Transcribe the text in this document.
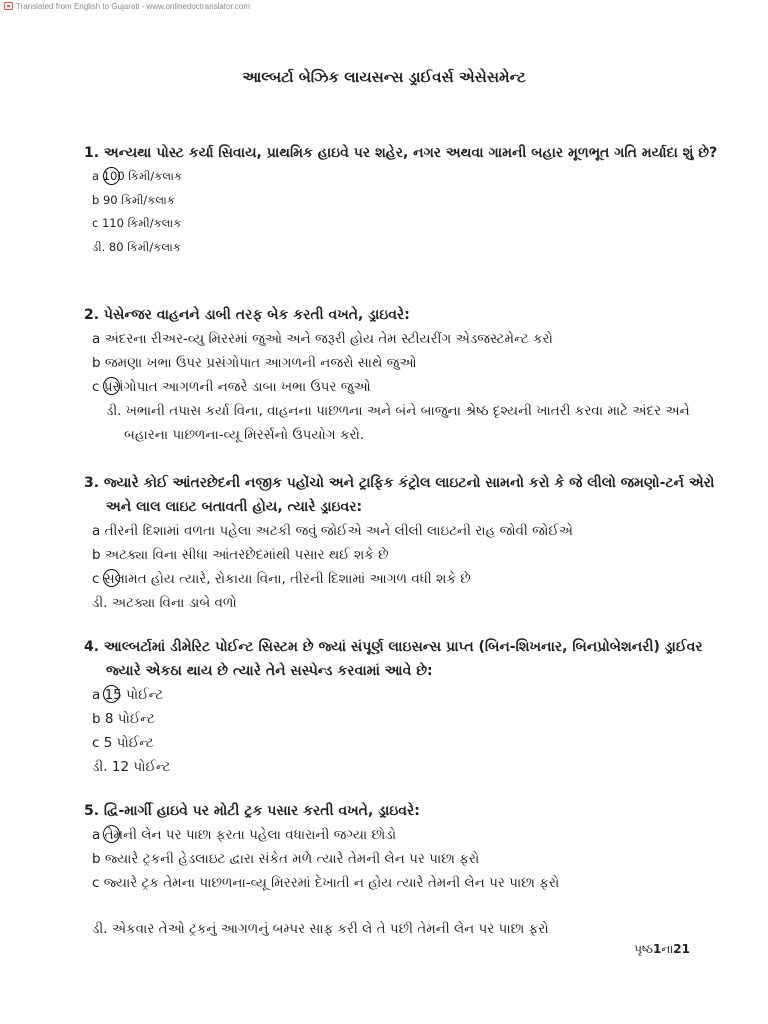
Translated from English to Gujarati - www.onlinedoctranslator.com
આલ્બર્ટા બેઝિક લાયસન્સ ડ્રાઈવર્સ એસેસમેન્ટ

1. અન્યથા પોસ્ટ કર્યા સિવાય, પ્રાથમિક હાઇવે પર શહેર, નગર અથવા ગામની બહાર મૂળભૂત ગતિ મર્યાદા શું છે?

a 100 કિમી/કલાક

b 90 કિમી/કલાક

c 110 કિમી/કલાક

ડી. 80 કિમી/કલાક

2. પેસેન્જર વાહનને ડાબી તરફ બેક કરતી વખતે, ડ્રાઇવરે:

a અંદરના રીઅર-વ્યુ મિરરમાં જુઓ અને જરૂરી હોય તેમ સ્ટીયરીંગ એડજસ્ટમેન્ટ કરો

b જમણા ખભા ઉપર પ્રસંગોપાત આગળની નજરો સાથે જુઓ

c પ્રસંગોપાત આગળની નજરે ડાબા ખભા ઉપર જુઓ

ડી. ખભાની તપાસ કર્યા વિના, વાહનના પાછળના અને બંને બાજુના શ્રેષ્ઠ દૃશ્યની ખાતરી કરવા માટે અંદર અને બહારના પાછળના-વ્યૂ મિરર્સનો ઉપયોગ કરો.

3. જ્યારે કોઈ આંતરછેદની નજીક પહોંચો અને ટ્રાફિક કંટ્રોલ લાઇટનો સામનો કરો કે જે લીલો જમણો-ટર્ન એરો અને લાલ લાઇટ બતાવતી હોય, ત્યારે ડ્રાઇવર:

a તીરની દિશામાં વળતા પહેલા અટકી જવું જોઈએ અને લીલી લાઇટની રાહ જોવી જોઈએ

b અટક્યા વિના સીધા આંતરછેદમાંથી પસાર થઈ શકે છે

c સલામત હોય ત્યારે, રોકાયા વિના, તીરની દિશામાં આગળ વધી શકે છે

ડી. અટક્યા વિના ડાબે વળો

4. આલ્બર્ટામાં ડીમેરિટ પોઈન્ટ સિસ્ટમ છે જ્યાં સંપૂર્ણ લાઇસન્સ પ્રાપ્ત (બિન-શિખનાર, બિનપ્રોબેશનરી) ડ્રાઈવર જ્યારે એકઠા થાય છે ત્યારે તેને સસ્પેન્ડ કરવામાં આવે છે:

a 15 પોઈન્ટ

b 8 પોઈન્ટ

c 5 પોઈન્ટ

ડી. 12 પોઈન્ટ

5. દ્વિ-માર્ગી હાઇવે પર મોટી ટ્રક પસાર કરતી વખતે, ડ્રાઇવરે:

a તેમની લેન પર પાછા ફરતા પહેલા વધારાની જગ્યા છોડો

b જ્યારે ટ્રકની હેડલાઇટ દ્વારા સંકેત મળે ત્યારે તેમની લેન પર પાછા ફરો

c જ્યારે ટ્રક તેમના પાછળના-વ્યૂ મિરરમાં દેખાતી ન હોય ત્યારે તેમની લેન પર પાછા ફરો

ડી. એકવાર તેઓ ટ્રકનું આગળનું બમ્પર સાફ કરી લે તે પછી તેમની લેન પર પાછા ફરો

પૃષ્ઠ1ના21
